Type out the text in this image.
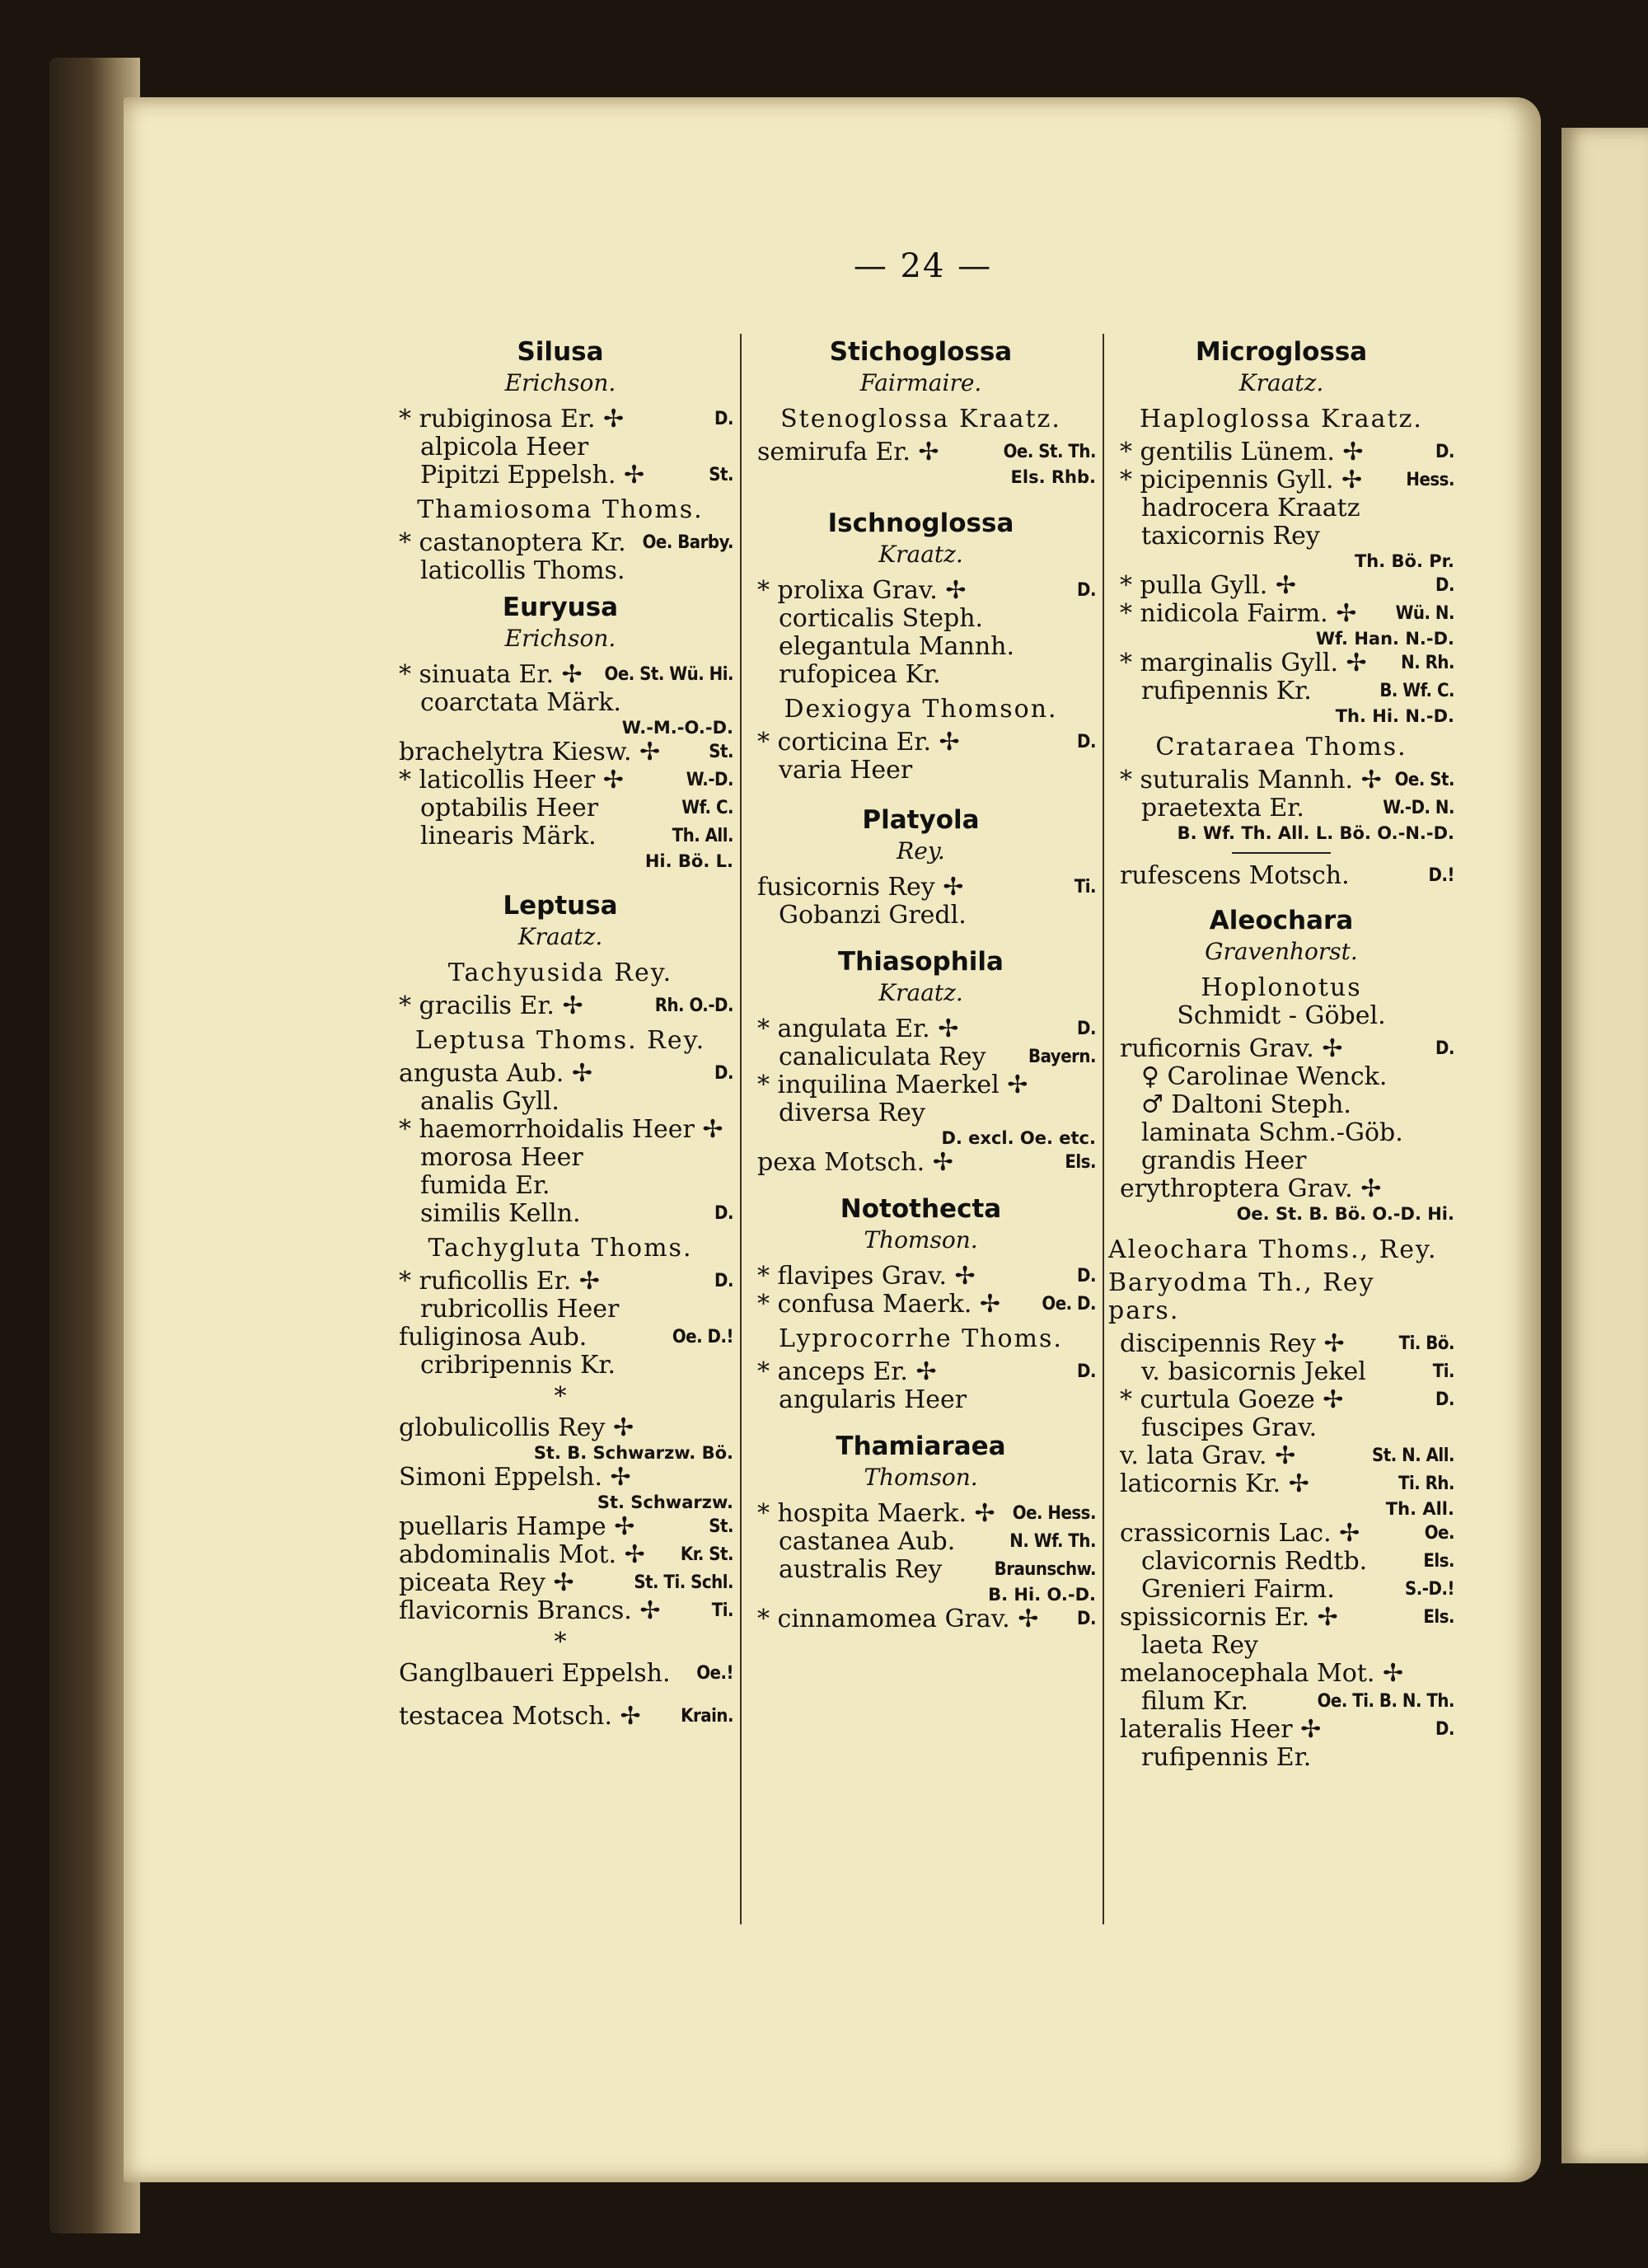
— 24 —
Silusa
Erichson.
* rubiginosa Er. ✢	D.
alpicola Heer
Pipitzi Eppelsh. ✢	St.
Thamiosoma Thoms.
* castanoptera Kr. Oe. Barby.
laticollis Thoms.
Euryusa
Erichson.
* sinuata Er. ✢ Oe. St. Wü. Hi.
coarctata Märk.
W.-M.-O.-D.
brachelytra Kiesw. ✢	St.
* laticollis Heer ✢	W.-D.
optabilis Heer	Wf. C.
linearis Märk.	Th. All.
Hi. Bö. L.
Leptusa
Kraatz.
Tachyusida Rey.
* gracilis Er. ✢	Rh. O.-D.
Leptusa Thoms. Rey.
angusta Aub. ✢	D.
analis Gyll.
* haemorrhoidalis Heer ✢
morosa Heer
fumida Er.
similis Kelln.	D.
Tachygluta Thoms.
* ruficollis Er. ✢	D.
rubricollis Heer
fuliginosa Aub.	Oe. D.!
cribripennis Kr.
*
globulicollis Rey ✢
St. B. Schwarzw. Bö.
Simoni Eppelsh. ✢
St. Schwarzw.
puellaris Hampe ✢	St.
abdominalis Mot. ✢ Kr. St.
piceata Rey ✢	St. Ti. Schl.
flavicornis Brancs. ✢	Ti.
*
Ganglbaueri Eppelsh. Oe.!
testacea Motsch. ✢ Krain.
Stichoglossa
Fairmaire.
Stenoglossa Kraatz.
semirufa Er. ✢	Oe. St. Th.
Els. Rhb.
Ischnoglossa
Kraatz.
* prolixa Grav. ✢	D.
corticalis Steph.
elegantula Mannh.
rufopicea Kr.
Dexiogya Thomson.
* corticina Er. ✢	D.
varia Heer
Platyola
Rey.
fusicornis Rey ✢	Ti.
Gobanzi Gredl.
Thiasophila
Kraatz.
* angulata Er. ✢	D.
canaliculata Rey Bayern.
* inquilina Maerkel ✢
diversa Rey
D. excl. Oe. etc.
pexa Motsch. ✢	Els.
Notothecta
Thomson.
* flavipes Grav. ✢	D.
* confusa Maerk. ✢ Oe. D.
Lyprocorrhe Thoms.
* anceps Er. ✢	D.
angularis Heer
Thamiaraea
Thomson.
* hospita Maerk. ✢ Oe. Hess.
castanea Aub.	N. Wf. Th.
australis Rey	Braunschw.
B. Hi. O.-D.
* cinnamomea Grav. ✢ D.
Microglossa
Kraatz.
Haploglossa Kraatz.
* gentilis Lünem. ✢	D.
* picipennis Gyll. ✢ Hess.
hadrocera Kraatz
taxicornis Rey
Th. Bö. Pr.
* pulla Gyll. ✢	D.
* nidicola Fairm. ✢ Wü. N.
Wf. Han. N.-D.
* marginalis Gyll. ✢ N. Rh.
rufipennis Kr.	B. Wf. C.
Th. Hi. N.-D.
Crataraea Thoms.
* suturalis Mannh. ✢ Oe. St.
praetexta Er.	W.-D. N.
B. Wf. Th. All. L. Bö. O.-N.-D.
rufescens Motsch.	D.!
Aleochara
Gravenhorst.
Hoplonotus
Schmidt - Göbel.
ruficornis Grav. ✢	D.
♀ Carolinae Wenck.
♂ Daltoni Steph.
laminata Schm.-Göb.
grandis Heer
erythroptera Grav. ✢
Oe. St. B. Bö. O.-D. Hi.
Aleochara Thoms., Rey.
Baryodma Th., Rey pars.
discipennis Rey ✢	Ti. Bö.
v. basicornis Jekel	Ti.
* curtula Goeze ✢	D.
fuscipes Grav.
v. lata Grav. ✢	St. N. All.
laticornis Kr. ✢	Ti. Rh.
Th. All.
crassicornis Lac. ✢	Oe.
clavicornis Redtb.	Els.
Grenieri Fairm.	S.-D.!
spissicornis Er. ✢	Els.
laeta Rey
melanocephala Mot. ✢
filum Kr.	Oe. Ti. B. N. Th.
lateralis Heer ✢	D.
rufipennis Er.
